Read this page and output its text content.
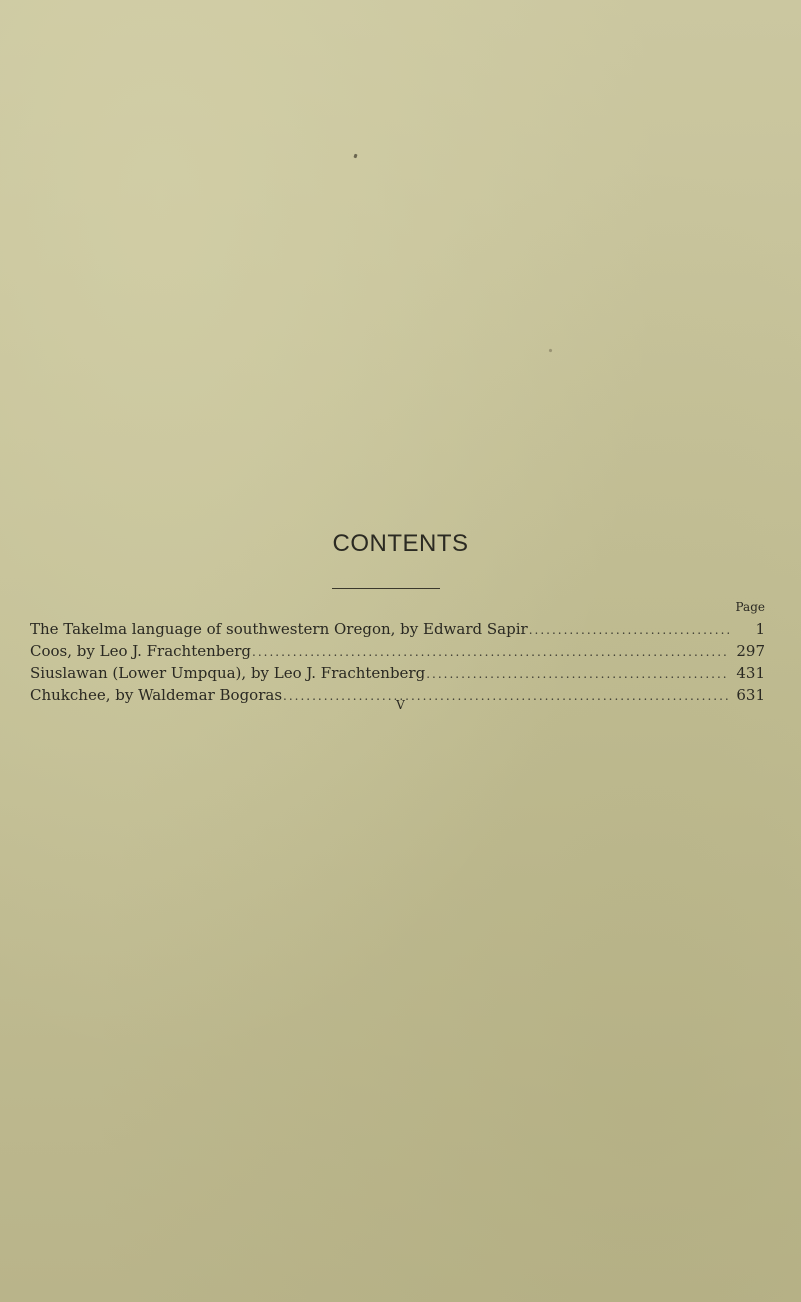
CONTENTS
Page
The Takelma language of southwestern Oregon, by Edward Sapir .....	1
Coos, by Leo J. Frachtenberg .....	297
Siuslawan (Lower Umpqua), by Leo J. Frachtenberg .....	431
Chukchee, by Waldemar Bogoras .....	631
V
